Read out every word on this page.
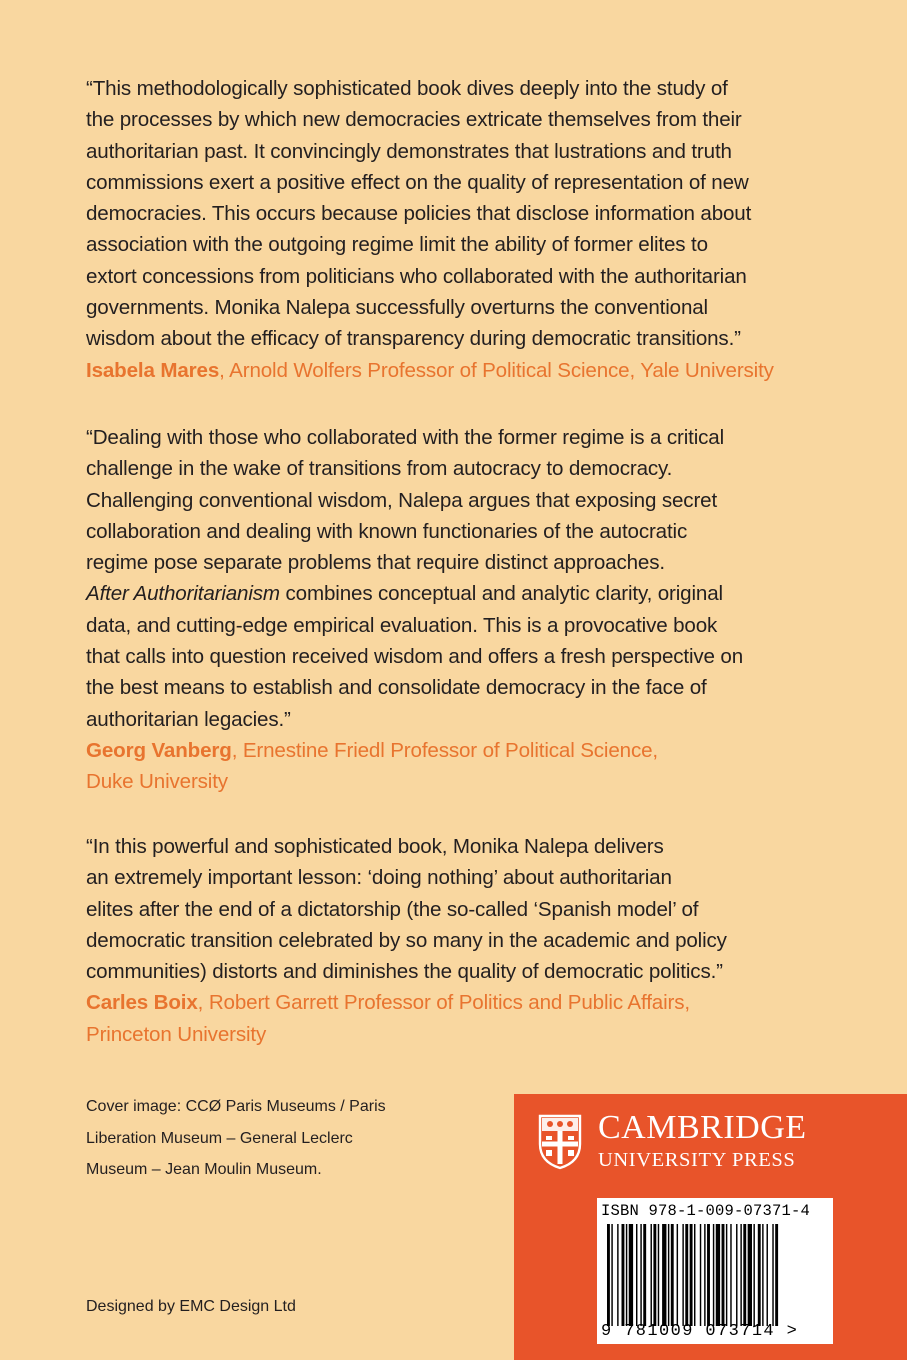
“This methodologically sophisticated book dives deeply into the study of
the processes by which new democracies extricate themselves from their
authoritarian past. It convincingly demonstrates that lustrations and truth
commissions exert a positive effect on the quality of representation of new
democracies. This occurs because policies that disclose information about
association with the outgoing regime limit the ability of former elites to
extort concessions from politicians who collaborated with the authoritarian
governments. Monika Nalepa successfully overturns the conventional
wisdom about the efficacy of transparency during democratic transitions.”

Isabela Mares, Arnold Wolfers Professor of Political Science, Yale University

“Dealing with those who collaborated with the former regime is a critical
challenge in the wake of transitions from autocracy to democracy.
Challenging conventional wisdom, Nalepa argues that exposing secret
collaboration and dealing with known functionaries of the autocratic
regime pose separate problems that require distinct approaches.
After Authoritarianism combines conceptual and analytic clarity, original
data, and cutting-edge empirical evaluation. This is a provocative book
that calls into question received wisdom and offers a fresh perspective on
the best means to establish and consolidate democracy in the face of
authoritarian legacies.”

Georg Vanberg, Ernestine Friedl Professor of Political Science,
Duke University

“In this powerful and sophisticated book, Monika Nalepa delivers
an extremely important lesson: ‘doing nothing’ about authoritarian
elites after the end of a dictatorship (the so-called ‘Spanish model’ of
democratic transition celebrated by so many in the academic and policy
communities) distorts and diminishes the quality of democratic politics.”

Carles Boix, Robert Garrett Professor of Politics and Public Affairs,
Princeton University
Cover image: CCØ Paris Museums / Paris
Liberation Museum – General Leclerc
Museum – Jean Moulin Museum.
Designed by EMC Design Ltd
CAMBRIDGE
UNIVERSITY PRESS
ISBN 978-1-009-07371-4
9 781009 073714 >
